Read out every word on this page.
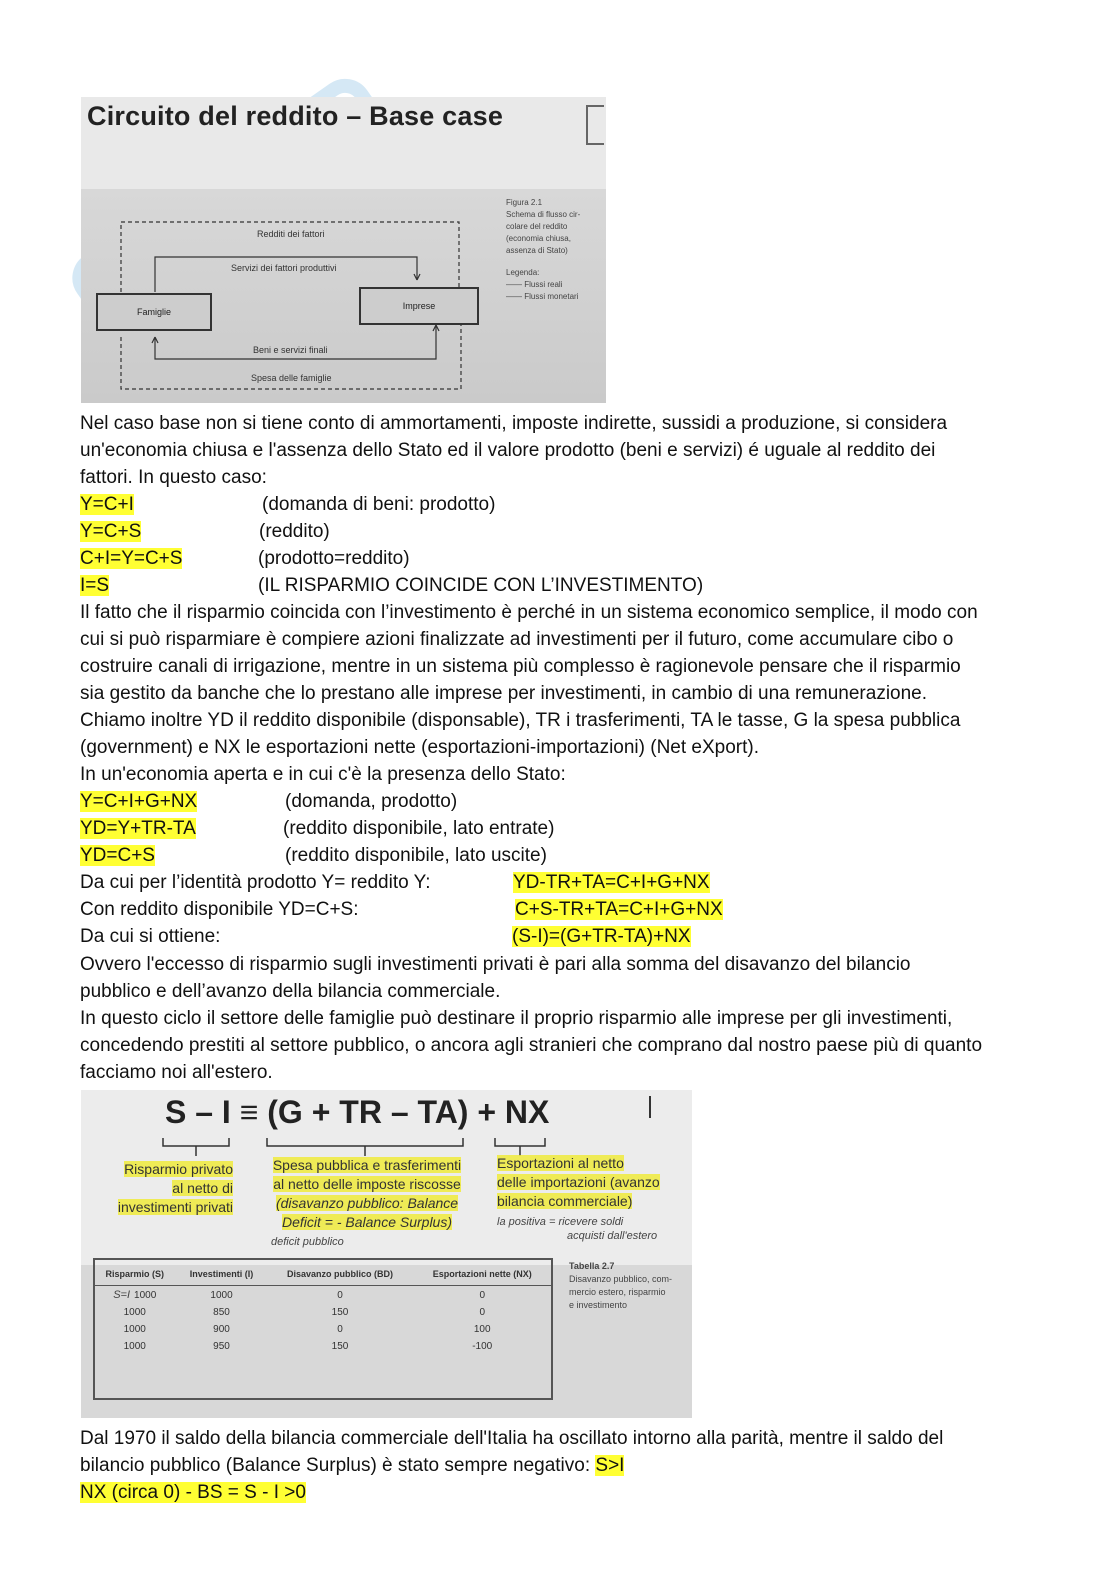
Circuito del reddito – Base case
Famiglie
Imprese
Redditi dei fattori
Servizi dei fattori produttivi
Beni e servizi finali
Spesa delle famiglie
Figura 2.1
Schema di flusso cir-
colare del reddito
(economia chiusa,
assenza di Stato)
Legenda:
—— Flussi reali
—— Flussi monetari
Nel caso base non si tiene conto di ammortamenti, imposte indirette, sussidi a produzione, si considera
un'economia chiusa e l'assenza dello Stato ed il valore prodotto (beni e servizi) é uguale al reddito dei
fattori. In questo caso:
Y=C+I	(domanda di beni: prodotto)
Y=C+S	(reddito)
C+I=Y=C+S	(prodotto=reddito)
I=S	(IL RISPARMIO COINCIDE CON L’INVESTIMENTO)
Il fatto che il risparmio coincida con l’investimento è perché in un sistema economico semplice, il modo con
cui si può risparmiare è compiere azioni finalizzate ad investimenti per il futuro, come accumulare cibo o
costruire canali di irrigazione, mentre in un sistema più complesso è ragionevole pensare che il risparmio
sia gestito da banche che lo prestano alle imprese per investimenti, in cambio di una remunerazione.
Chiamo inoltre YD il reddito disponibile (disponsable), TR i trasferimenti, TA le tasse, G la spesa pubblica
(government) e NX le esportazioni nette (esportazioni-importazioni) (Net eXport).
In un'economia aperta e in cui c'è la presenza dello Stato:
Y=C+I+G+NX	(domanda, prodotto)
YD=Y+TR-TA	(reddito disponibile, lato entrate)
YD=C+S	(reddito disponibile, lato uscite)
Da cui per l’identità prodotto Y= reddito Y:	YD-TR+TA=C+I+G+NX
Con reddito disponibile YD=C+S:	C+S-TR+TA=C+I+G+NX
Da cui si ottiene:	(S-I)=(G+TR-TA)+NX
Ovvero l'eccesso di risparmio sugli investimenti privati è pari alla somma del disavanzo del bilancio
pubblico e dell’avanzo della bilancia commerciale.
In questo ciclo il settore delle famiglie può destinare il proprio risparmio alle imprese per gli investimenti,
concedendo prestiti al settore pubblico, o ancora agli stranieri che comprano dal nostro paese più di quanto
facciamo noi all'estero.
S – I ≡ (G + TR – TA) + NX
Risparmio privato
al netto di
investimenti privati
Spesa pubblica e trasferimenti
al netto delle imposte riscosse
(disavanzo pubblico: Balance
Deficit = - Balance Surplus)
Esportazioni al netto
delle importazioni (avanzo
bilancia commerciale)
deficit pubblico
la positiva = ricevere soldi
acquisti dall'estero
Risparmio (S)	Investimenti (I)	Disavanzo pubblico (BD)	Esportazioni nette (NX)
S=I 1000	1000	0	0
1000	850	150	0
1000	900	0	100
1000	950	150	-100
Tabella 2.7
Disavanzo pubblico, com-
mercio estero, risparmio
e investimento
Dal 1970 il saldo della bilancia commerciale dell'Italia ha oscillato intorno alla parità, mentre il saldo del
bilancio pubblico (Balance Surplus) è stato sempre negativo: S>I
NX (circa 0) - BS = S - I >0
